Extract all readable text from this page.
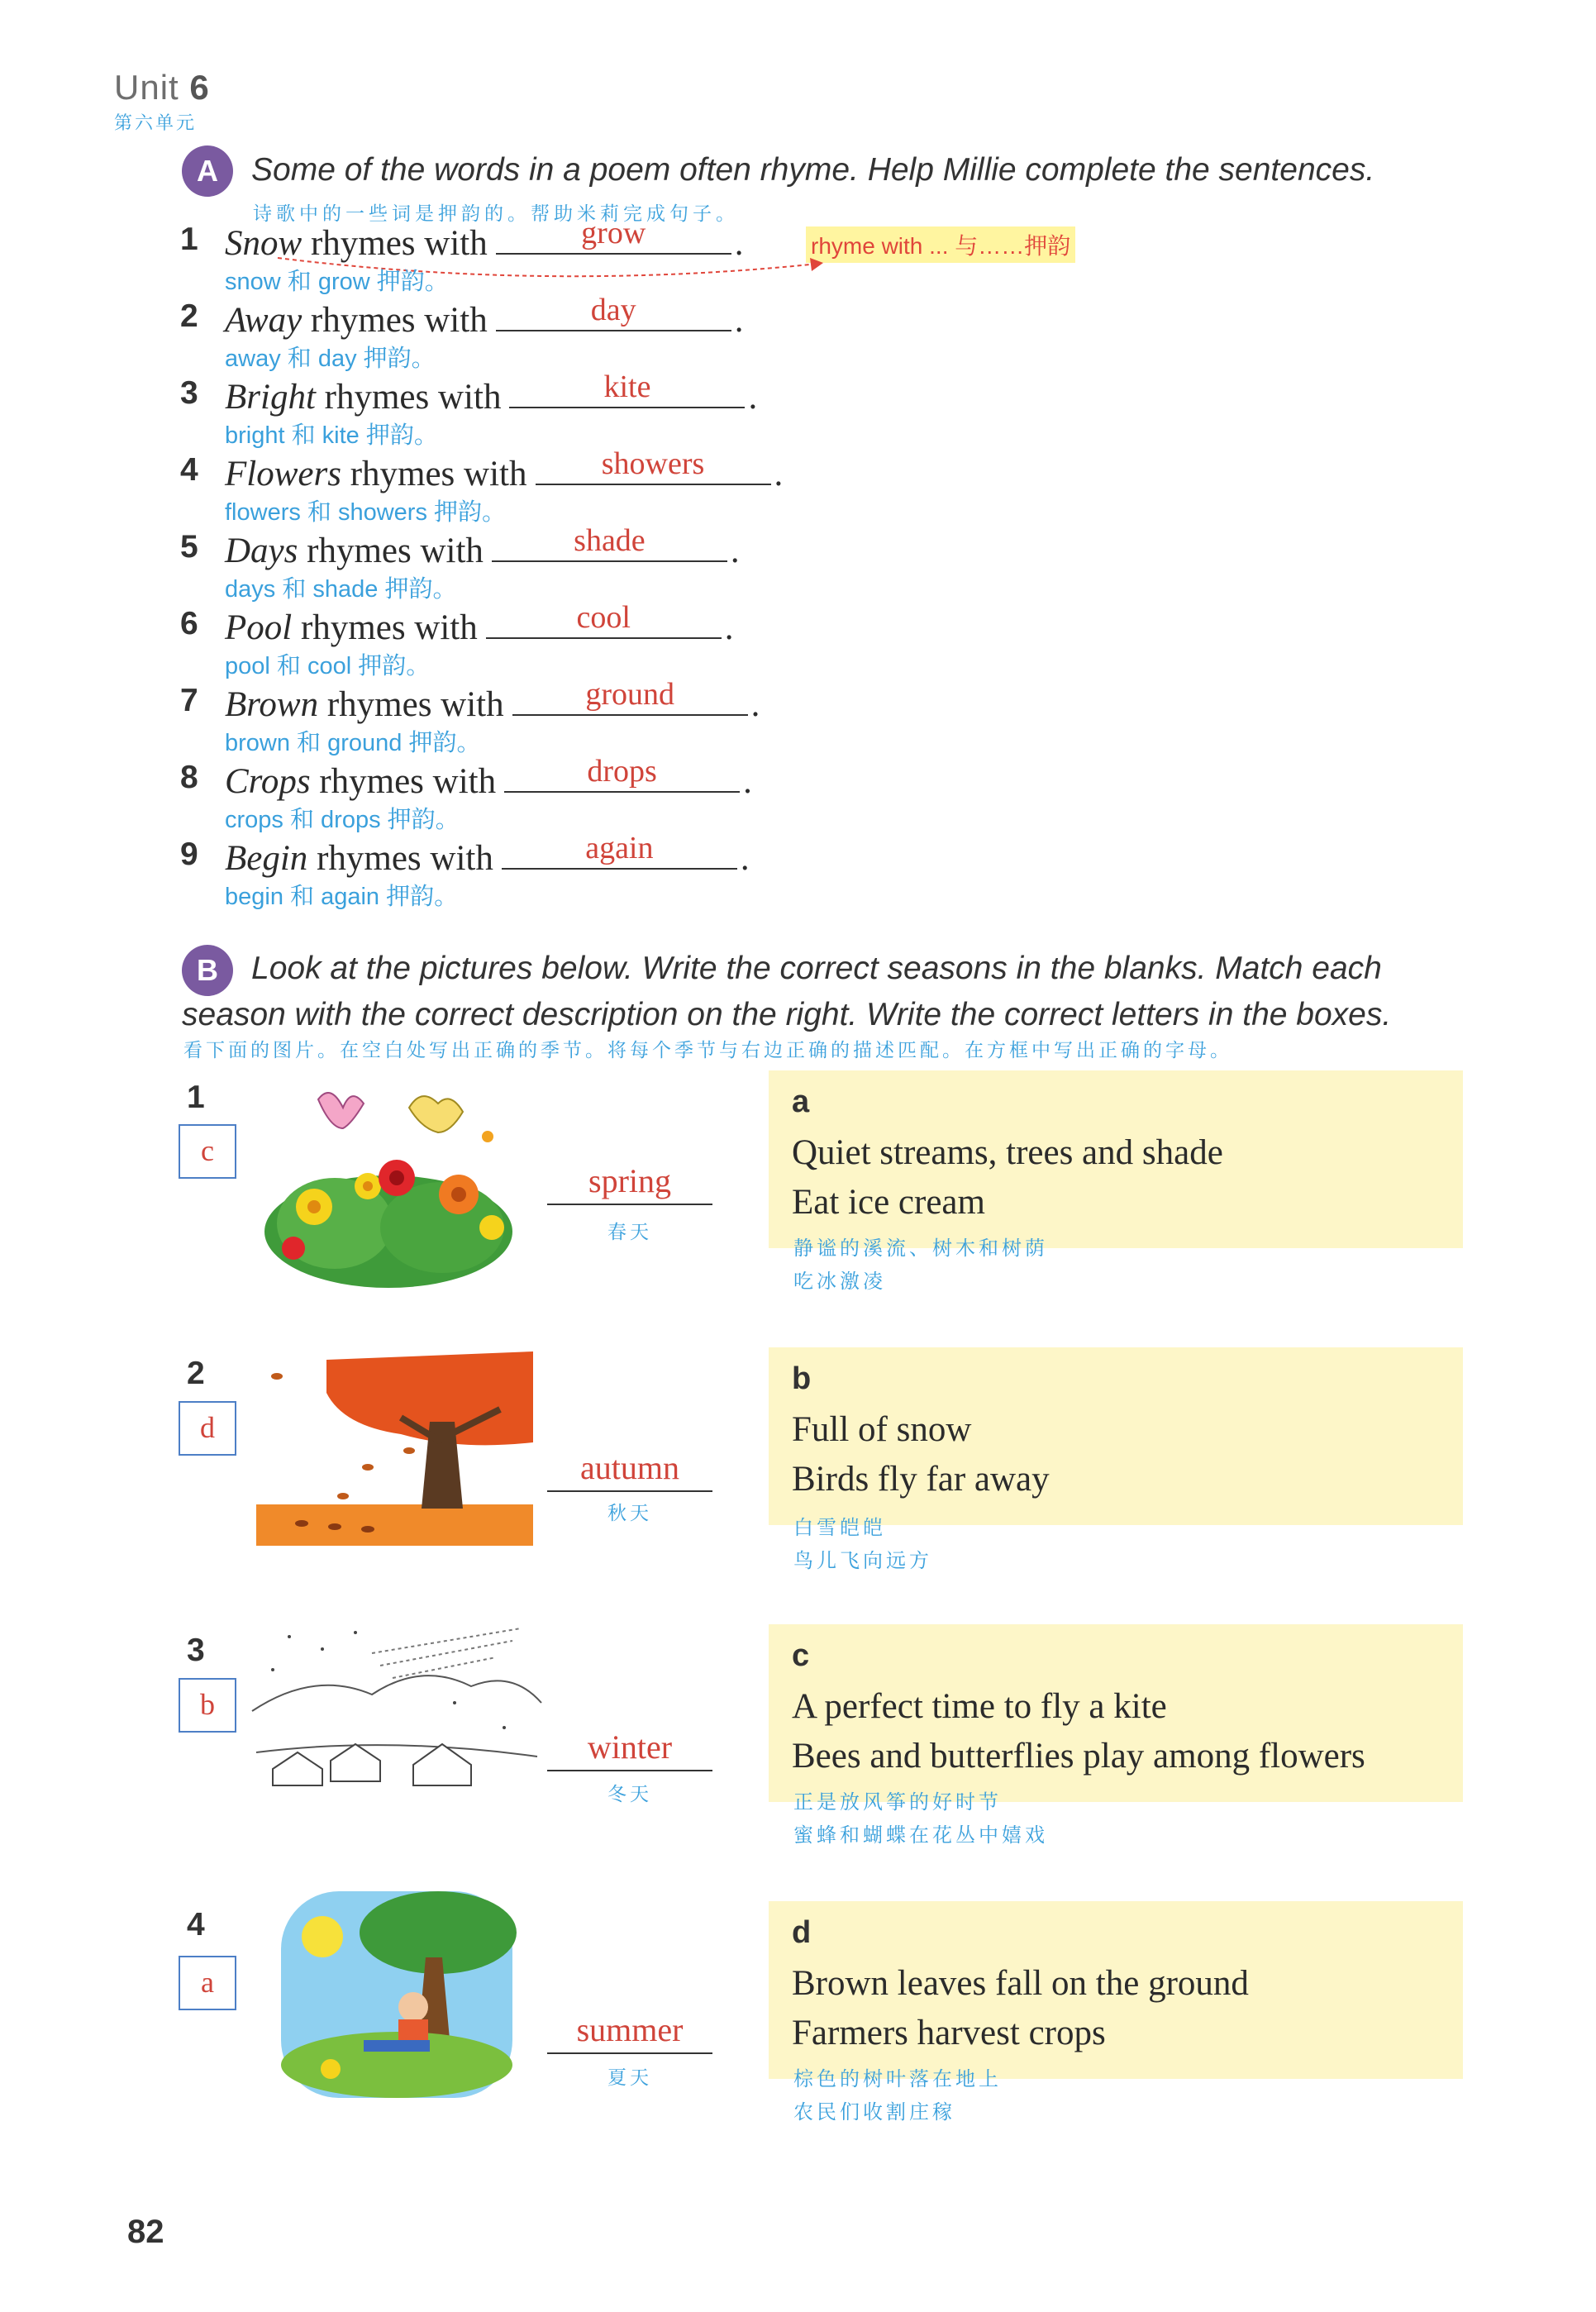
Unit 6
第六单元
A	Some of the words in a poem often rhyme. Help Millie complete the sentences.
诗歌中的一些词是押韵的。帮助米莉完成句子。
rhyme with ... 与……押韵
1 Snow rhymes with	grow	.
snow 和 grow 押韵。
2 Away rhymes with	day	.
away 和 day 押韵。
3 Bright rhymes with	kite	.
bright 和 kite 押韵。
4 Flowers rhymes with	showers	.
flowers 和 showers 押韵。
5 Days rhymes with	shade	.
days 和 shade 押韵。
6 Pool rhymes with	cool	.
pool 和 cool 押韵。
7 Brown rhymes with	ground	.
brown 和 ground 押韵。
8 Crops rhymes with	drops	.
crops 和 drops 押韵。
9 Begin rhymes with	again	.
begin 和 again 押韵。
B	Look at the pictures below. Write the correct seasons in the blanks. Match each
season with the correct description on the right. Write the correct letters in the boxes.
看下面的图片。在空白处写出正确的季节。将每个季节与右边正确的描述匹配。在方框中写出正确的字母。
1
c
spring
春天
2
d
autumn
秋天
3
b
winter
冬天
4
a
summer
夏天
a
Quiet streams, trees and shade
Eat ice cream
静谧的溪流、树木和树荫
吃冰激凌
b
Full of snow
Birds fly far away
白雪皑皑
鸟儿飞向远方
c
A perfect time to fly a kite
Bees and butterflies play among flowers
正是放风筝的好时节
蜜蜂和蝴蝶在花丛中嬉戏
d
Brown leaves fall on the ground
Farmers harvest crops
棕色的树叶落在地上
农民们收割庄稼
82
